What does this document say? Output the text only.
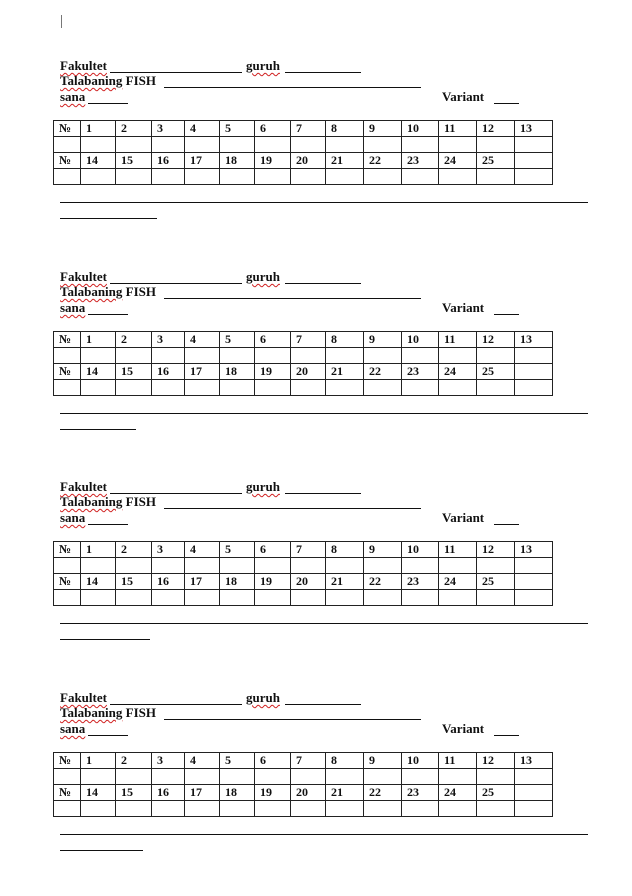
Fakultet	guruh
Talabaning FISH
sana	Variant
№	1	2	3	4	5	6	7	8	9	10	11	12	13

№	14	15	16	17	18	19	20	21	22	23	24	25	

Fakultet	guruh
Talabaning FISH
sana	Variant
№	1	2	3	4	5	6	7	8	9	10	11	12	13

№	14	15	16	17	18	19	20	21	22	23	24	25	

Fakultet	guruh
Talabaning FISH
sana	Variant
№	1	2	3	4	5	6	7	8	9	10	11	12	13

№	14	15	16	17	18	19	20	21	22	23	24	25	

Fakultet	guruh
Talabaning FISH
sana	Variant
№	1	2	3	4	5	6	7	8	9	10	11	12	13

№	14	15	16	17	18	19	20	21	22	23	24	25	
